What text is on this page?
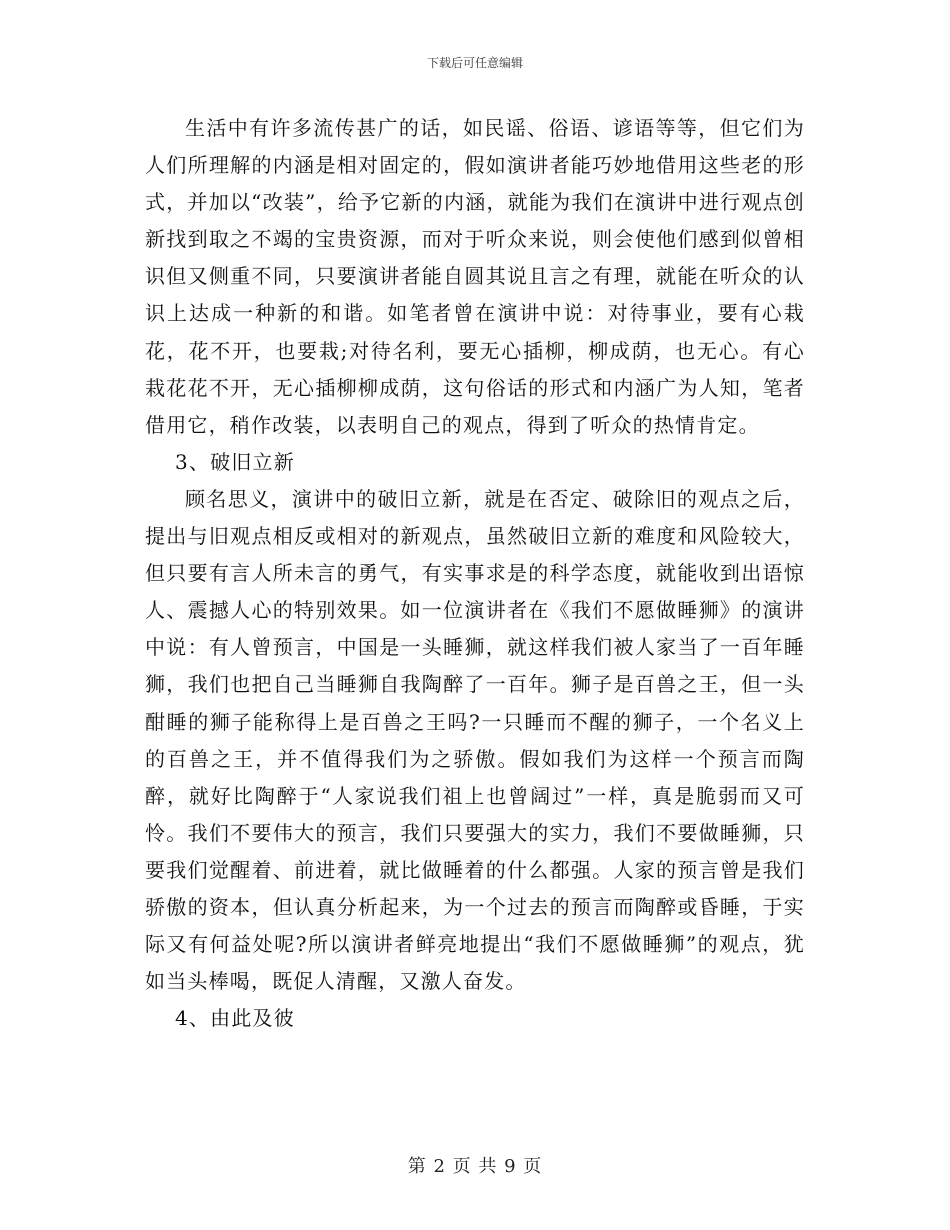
下载后可任意编辑

生活中有许多流传甚广的话，如民谣、俗语、谚语等等，但它们为人们所理解的内涵是相对固定的，假如演讲者能巧妙地借用这些老的形式，并加以“改装”，给予它新的内涵，就能为我们在演讲中进行观点创新找到取之不竭的宝贵资源，而对于听众来说，则会使他们感到似曾相识但又侧重不同，只要演讲者能自圆其说且言之有理，就能在听众的认识上达成一种新的和谐。如笔者曾在演讲中说：对待事业，要有心栽花，花不开，也要栽;对待名利，要无心插柳，柳成荫，也无心。有心栽花花不开，无心插柳柳成荫，这句俗话的形式和内涵广为人知，笔者借用它，稍作改装，以表明自己的观点，得到了听众的热情肯定。

3、破旧立新

顾名思义，演讲中的破旧立新，就是在否定、破除旧的观点之后，提出与旧观点相反或相对的新观点，虽然破旧立新的难度和风险较大，但只要有言人所未言的勇气，有实事求是的科学态度，就能收到出语惊人、震撼人心的特别效果。如一位演讲者在《我们不愿做睡狮》的演讲中说：有人曾预言，中国是一头睡狮，就这样我们被人家当了一百年睡狮，我们也把自己当睡狮自我陶醉了一百年。狮子是百兽之王，但一头酣睡的狮子能称得上是百兽之王吗?一只睡而不醒的狮子，一个名义上的百兽之王，并不值得我们为之骄傲。假如我们为这样一个预言而陶醉，就好比陶醉于“人家说我们祖上也曾阔过”一样，真是脆弱而又可怜。我们不要伟大的预言，我们只要强大的实力，我们不要做睡狮，只要我们觉醒着、前进着，就比做睡着的什么都强。人家的预言曾是我们骄傲的资本，但认真分析起来，为一个过去的预言而陶醉或昏睡，于实际又有何益处呢?所以演讲者鲜亮地提出“我们不愿做睡狮”的观点，犹如当头棒喝，既促人清醒，又激人奋发。

4、由此及彼

第 2 页 共 9 页
